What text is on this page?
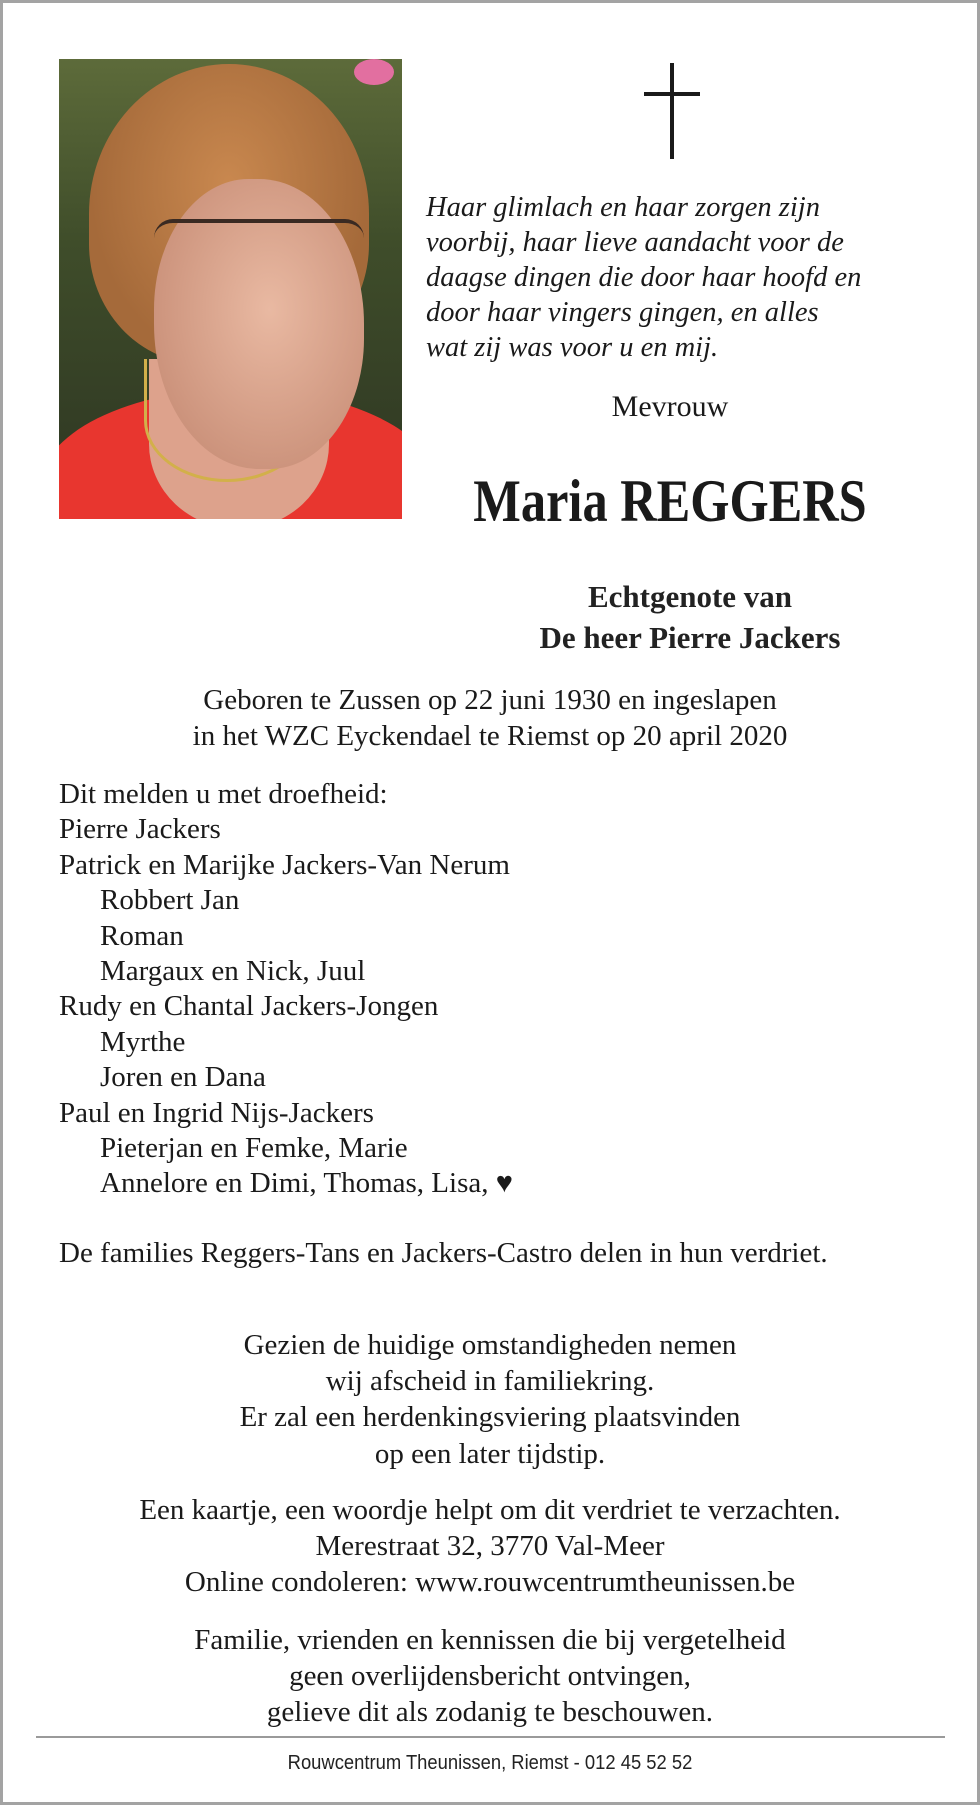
Haar glimlach en haar zorgen zijn
voorbij, haar lieve aandacht voor de
daagse dingen die door haar hoofd en
door haar vingers gingen, en alles
wat zij was voor u en mij.
Mevrouw
Maria REGGERS
Echtgenote van
De heer Pierre Jackers
Geboren te Zussen op 22 juni 1930 en ingeslapen
in het WZC Eyckendael te Riemst op 20 april 2020
Dit melden u met droefheid:
Pierre Jackers
Patrick en Marijke Jackers-Van Nerum
Robbert Jan
Roman
Margaux en Nick, Juul
Rudy en Chantal Jackers-Jongen
Myrthe
Joren en Dana
Paul en Ingrid Nijs-Jackers
Pieterjan en Femke, Marie
Annelore en Dimi, Thomas, Lisa, ♥
De families Reggers-Tans en Jackers-Castro delen in hun verdriet.
Gezien de huidige omstandigheden nemen
wij afscheid in familiekring.
Er zal een herdenkingsviering plaatsvinden
op een later tijdstip.
Een kaartje, een woordje helpt om dit verdriet te verzachten.
Merestraat 32, 3770 Val-Meer
Online condoleren: www.rouwcentrumtheunissen.be
Familie, vrienden en kennissen die bij vergetelheid
geen overlijdensbericht ontvingen,
gelieve dit als zodanig te beschouwen.
Rouwcentrum Theunissen, Riemst - 012 45 52 52
